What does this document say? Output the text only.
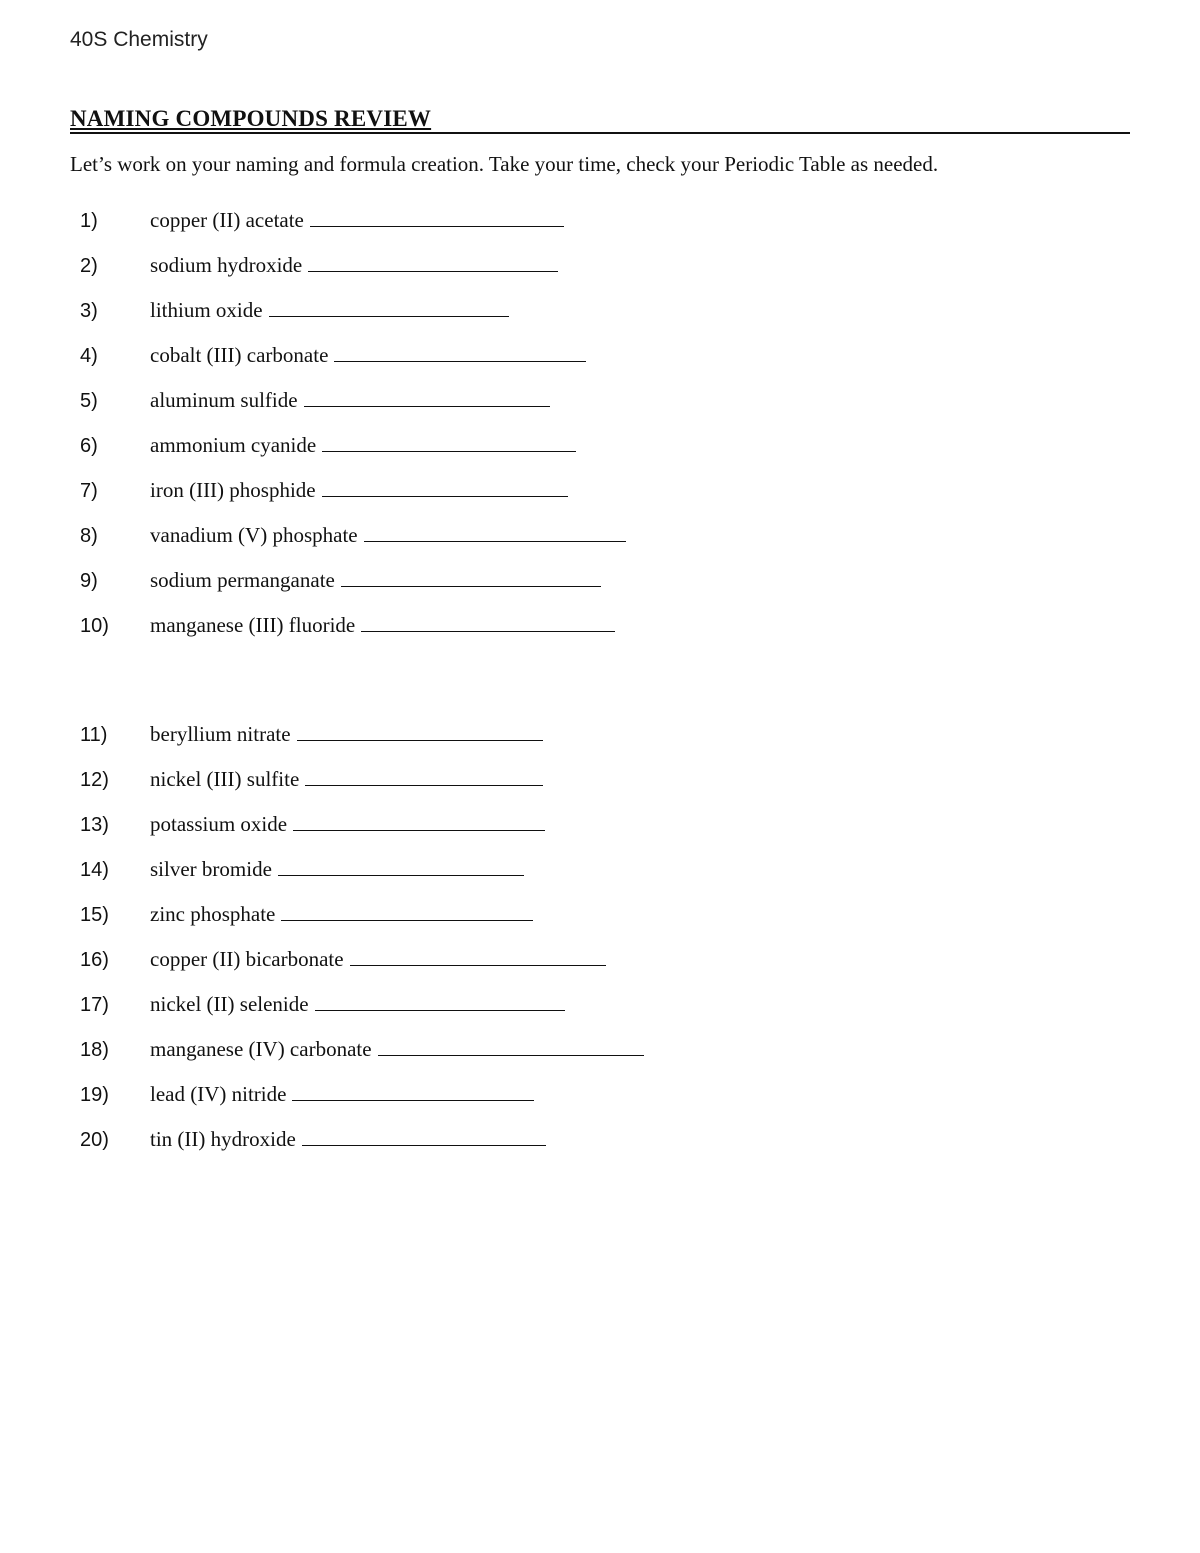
40S Chemistry
NAMING COMPOUNDS REVIEW
Let’s work on your naming and formula creation. Take your time, check your Periodic Table as needed.
1)	copper (II) acetate
2)	sodium hydroxide
3)	lithium oxide
4)	cobalt (III) carbonate
5)	aluminum sulfide
6)	ammonium cyanide
7)	iron (III) phosphide
8)	vanadium (V) phosphate
9)	sodium permanganate
10)	manganese (III) fluoride
11)	beryllium nitrate
12)	nickel (III) sulfite
13)	potassium oxide
14)	silver bromide
15)	zinc phosphate
16)	copper (II) bicarbonate
17)	nickel (II) selenide
18)	manganese (IV) carbonate
19)	lead (IV) nitride
20)	tin (II) hydroxide
